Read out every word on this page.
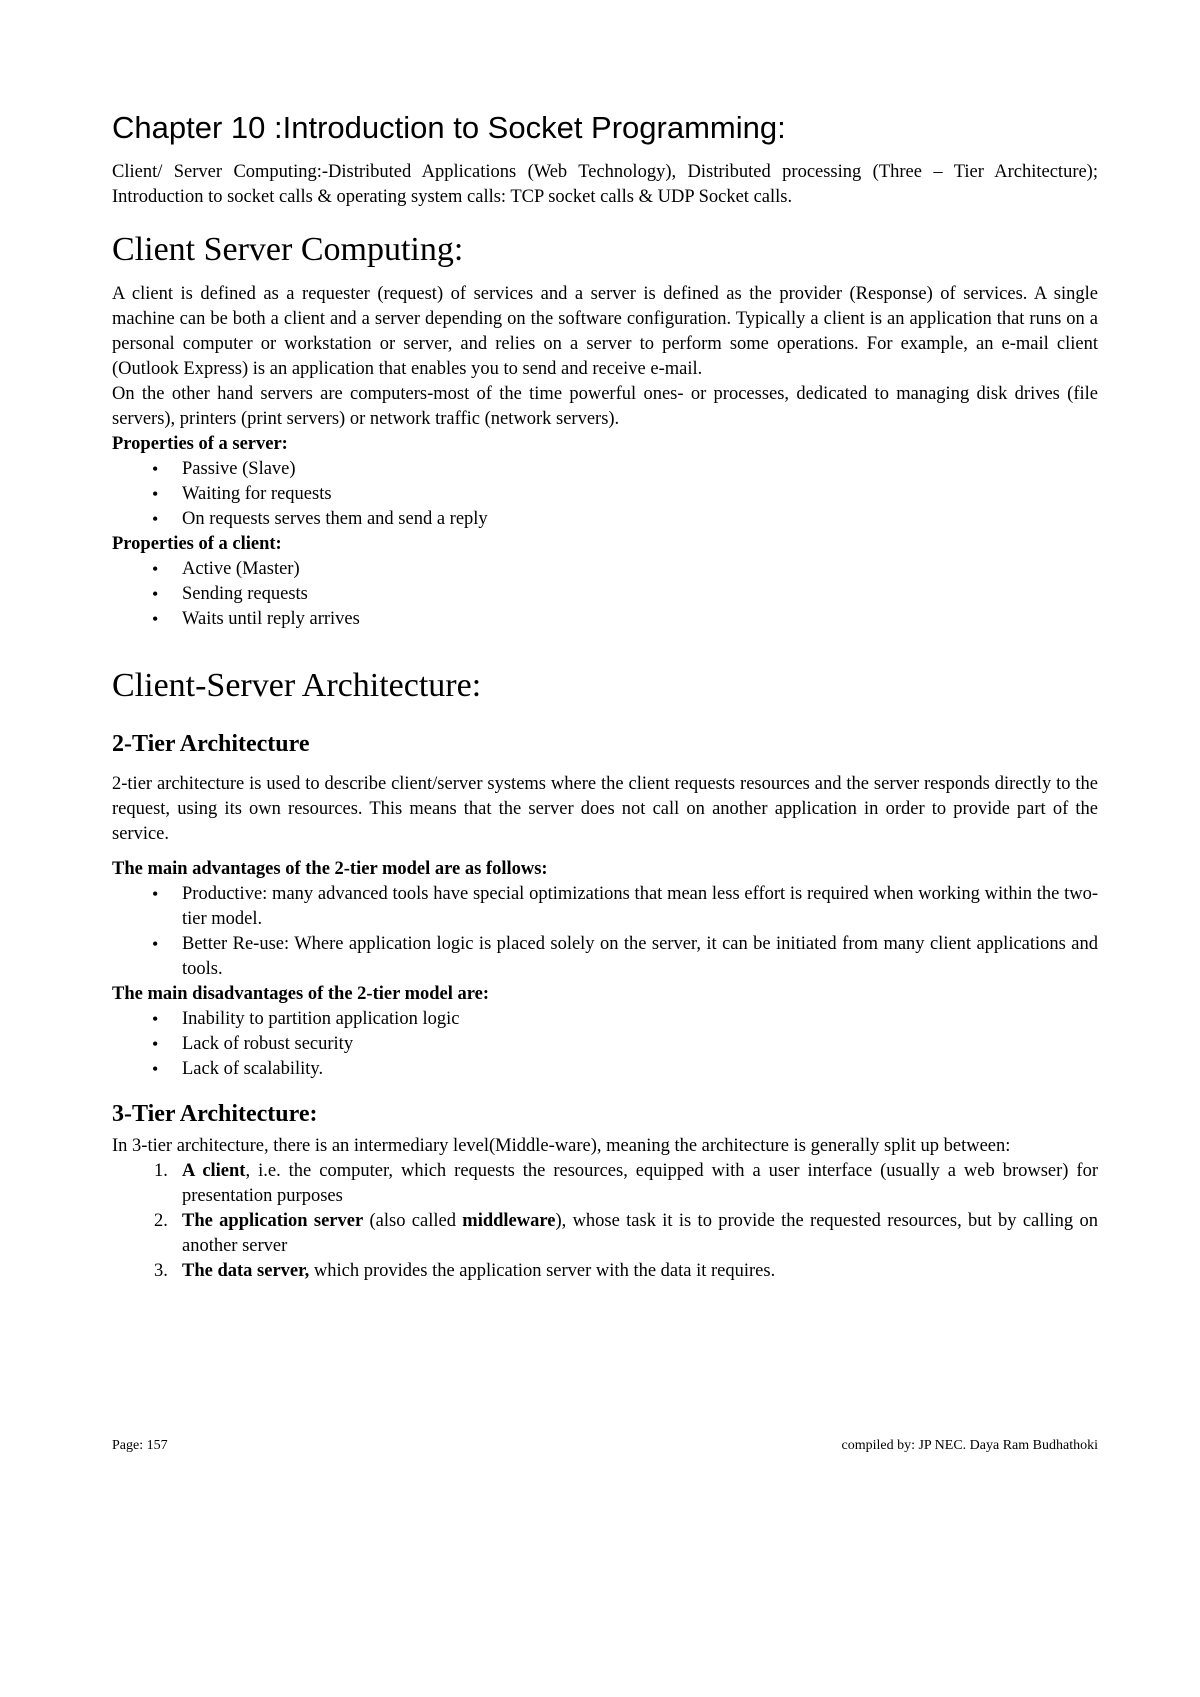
Chapter 10 :Introduction to Socket Programming:

Client/ Server Computing:-Distributed Applications (Web Technology), Distributed processing (Three – Tier Architecture); Introduction to socket calls & operating system calls: TCP socket calls & UDP Socket calls.

Client Server Computing:

A client is defined as a requester (request) of services and a server is defined as the provider (Response) of services. A single machine can be both a client and a server depending on the software configuration. Typically a client is an application that runs on a personal computer or workstation or server, and relies on a server to perform some operations. For example, an e-mail client (Outlook Express) is an application that enables you to send and receive e-mail.

On the other hand servers are computers-most of the time powerful ones- or processes, dedicated to managing disk drives (file servers), printers (print servers) or network traffic (network servers).

Properties of a server:
• Passive (Slave)
• Waiting for requests
• On requests serves them and send a reply
Properties of a client:
• Active (Master)
• Sending requests
• Waits until reply arrives
Client-Server Architecture:
2-Tier Architecture

2-tier architecture is used to describe client/server systems where the client requests resources and the server responds directly to the request, using its own resources. This means that the server does not call on another application in order to provide part of the service.

The main advantages of the 2-tier model are as follows:
• Productive: many advanced tools have special optimizations that mean less effort is required when working within the two-tier model.
• Better Re-use: Where application logic is placed solely on the server, it can be initiated from many client applications and tools.
The main disadvantages of the 2-tier model are:
• Inability to partition application logic
• Lack of robust security
• Lack of scalability.
3-Tier Architecture:

In 3-tier architecture, there is an intermediary level(Middle-ware), meaning the architecture is generally split up between:

1. A client, i.e. the computer, which requests the resources, equipped with a user interface (usually a web browser) for presentation purposes
2. The application server (also called middleware), whose task it is to provide the requested resources, but by calling on another server
3. The data server, which provides the application server with the data it requires.
Page: 157	compiled by: JP NEC. Daya Ram Budhathoki
